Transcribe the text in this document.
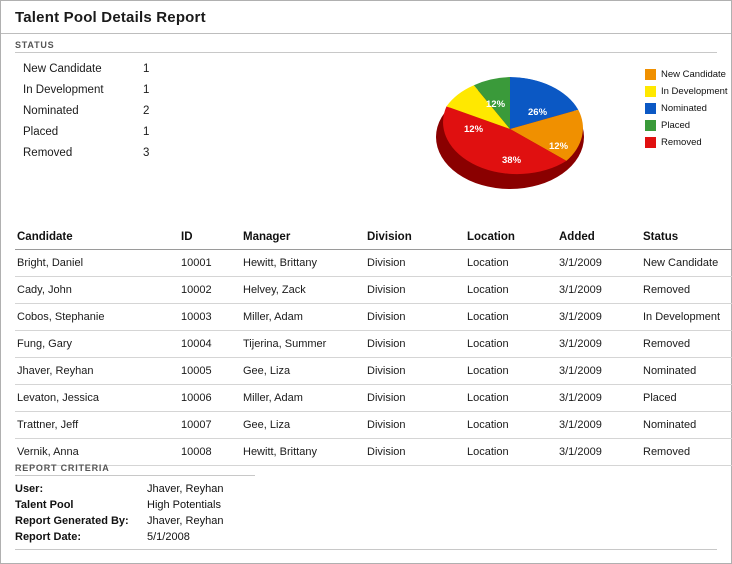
Talent Pool Details Report
STATUS
New Candidate	1
In Development	1
Nominated	2
Placed	1
Removed	3
26%
38%
12%
12%
12%
New Candidate
In Development
Nominated
Placed
Removed
Candidate	ID	Manager	Division	Location	Added	Status
Bright, Daniel	10001	Hewitt, Brittany	Division	Location	3/1/2009	New Candidate
Cady, John	10002	Helvey, Zack	Division	Location	3/1/2009	Removed
Cobos, Stephanie	10003	Miller, Adam	Division	Location	3/1/2009	In Development
Fung, Gary	10004	Tijerina, Summer	Division	Location	3/1/2009	Removed
Jhaver, Reyhan	10005	Gee, Liza	Division	Location	3/1/2009	Nominated
Levaton, Jessica	10006	Miller, Adam	Division	Location	3/1/2009	Placed
Trattner, Jeff	10007	Gee, Liza	Division	Location	3/1/2009	Nominated
Vernik, Anna	10008	Hewitt, Brittany	Division	Location	3/1/2009	Removed
REPORT CRITERIA
User:	Jhaver, Reyhan
Talent Pool	High Potentials
Report Generated By:	Jhaver, Reyhan
Report Date:	5/1/2008
